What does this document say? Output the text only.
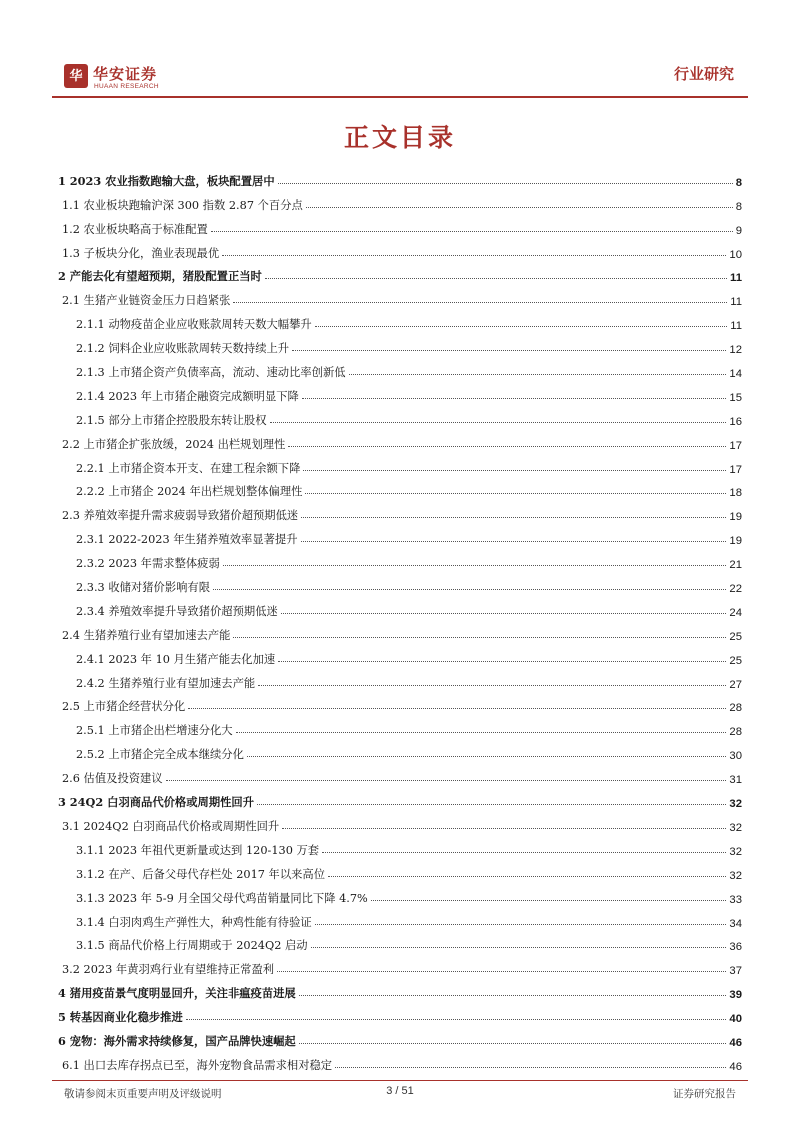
华 华安证券
HUAAN RESEARCH
行业研究
正文目录
1 2023 农业指数跑输大盘，板块配置居中	8
1.1 农业板块跑输沪深 300 指数 2.87 个百分点	8
1.2 农业板块略高于标准配置	9
1.3 子板块分化，渔业表现最优	10
2 产能去化有望超预期，猪股配置正当时	11
2.1 生猪产业链资金压力日趋紧张	11
2.1.1 动物疫苗企业应收账款周转天数大幅攀升	11
2.1.2 饲料企业应收账款周转天数持续上升	12
2.1.3 上市猪企资产负债率高，流动、速动比率创新低	14
2.1.4 2023 年上市猪企融资完成额明显下降	15
2.1.5 部分上市猪企控股股东转让股权	16
2.2 上市猪企扩张放缓，2024 出栏规划理性	17
2.2.1 上市猪企资本开支、在建工程余额下降	17
2.2.2 上市猪企 2024 年出栏规划整体偏理性	18
2.3 养殖效率提升需求疲弱导致猪价超预期低迷	19
2.3.1 2022-2023 年生猪养殖效率显著提升	19
2.3.2 2023 年需求整体疲弱	21
2.3.3 收储对猪价影响有限	22
2.3.4 养殖效率提升导致猪价超预期低迷	24
2.4 生猪养殖行业有望加速去产能	25
2.4.1 2023 年 10 月生猪产能去化加速	25
2.4.2 生猪养殖行业有望加速去产能	27
2.5 上市猪企经营状分化	28
2.5.1 上市猪企出栏增速分化大	28
2.5.2 上市猪企完全成本继续分化	30
2.6 估值及投资建议	31
3 24Q2 白羽商品代价格或周期性回升	32
3.1 2024Q2 白羽商品代价格或周期性回升	32
3.1.1 2023 年祖代更新量或达到 120-130 万套	32
3.1.2 在产、后备父母代存栏处 2017 年以来高位	32
3.1.3 2023 年 5-9 月全国父母代鸡苗销量同比下降 4.7%	33
3.1.4 白羽肉鸡生产弹性大，种鸡性能有待验证	34
3.1.5 商品代价格上行周期或于 2024Q2 启动	36
3.2 2023 年黄羽鸡行业有望维持正常盈利	37
4 猪用疫苗景气度明显回升，关注非瘟疫苗进展	39
5 转基因商业化稳步推进	40
6 宠物：海外需求持续修复，国产品牌快速崛起	46
6.1 出口去库存拐点已至，海外宠物食品需求相对稳定	46
敬请参阅末页重要声明及评级说明	3 / 51	证券研究报告
